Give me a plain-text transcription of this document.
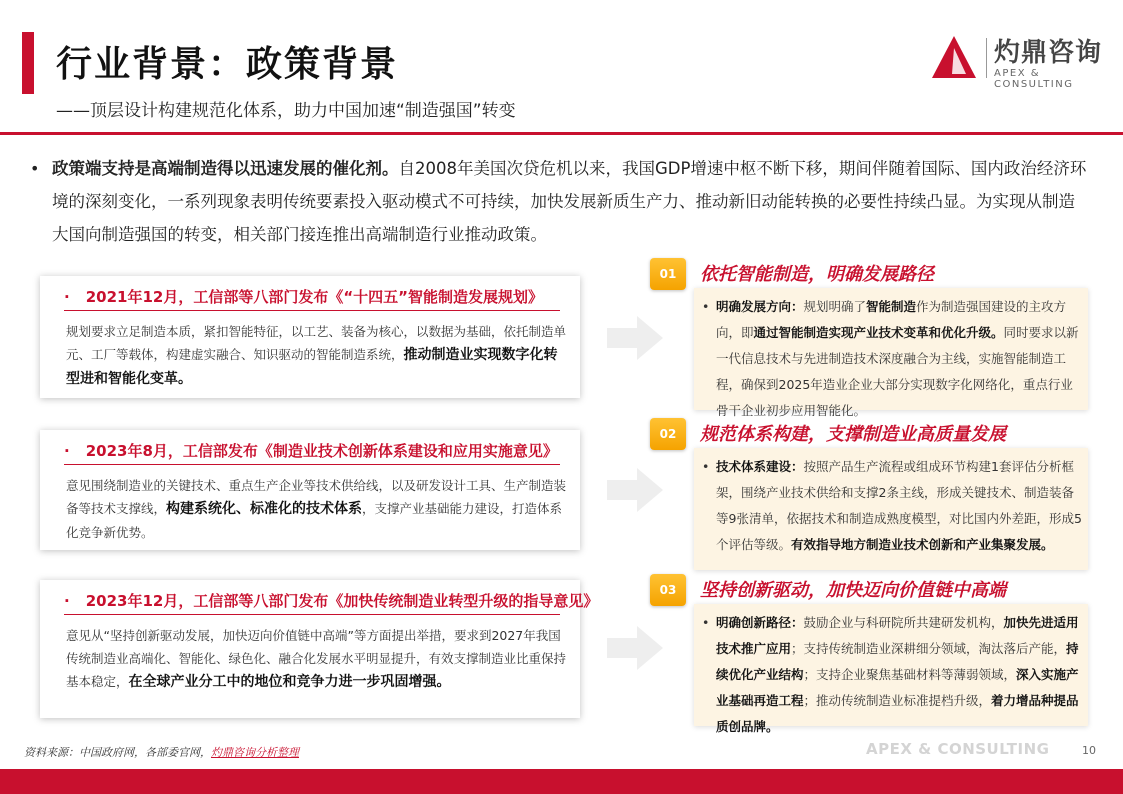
行业背景：政策背景
——顶层设计构建规范化体系，助力中国加速“制造强国”转变
灼鼎咨询
APEX & CONSULTING
• 政策端支持是高端制造得以迅速发展的催化剂。自2008年美国次贷危机以来，我国GDP增速中枢不断下移，期间伴随着国际、国内政治经济环境的深刻变化，一系列现象表明传统要素投入驱动模式不可持续，加快发展新质生产力、推动新旧动能转换的必要性持续凸显。为实现从制造大国向制造强国的转变，相关部门接连推出高端制造行业推动政策。
· 2021年12月，工信部等八部门发布《“十四五”智能制造发展规划》
规划要求立足制造本质，紧扣智能特征，以工艺、装备为核心，以数据为基础，依托制造单元、工厂等载体，构建虚实融合、知识驱动的智能制造系统，推动制造业实现数字化转型进和智能化变革。
· 2023年8月，工信部发布《制造业技术创新体系建设和应用实施意见》
意见围绕制造业的关键技术、重点生产企业等技术供给线，以及研发设计工具、生产制造装备等技术支撑线，构建系统化、标准化的技术体系，支撑产业基础能力建设，打造体系化竞争新优势。
· 2023年12月，工信部等八部门发布《加快传统制造业转型升级的指导意见》
意见从“坚持创新驱动发展，加快迈向价值链中高端”等方面提出举措，要求到2027年我国传统制造业高端化、智能化、绿色化、融合化发展水平明显提升，有效支撑制造业比重保持基本稳定，在全球产业分工中的地位和竞争力进一步巩固增强。
01	依托智能制造，明确发展路径
• 明确发展方向：规划明确了智能制造作为制造强国建设的主攻方向，即通过智能制造实现产业技术变革和优化升级。同时要求以新一代信息技术与先进制造技术深度融合为主线，实施智能制造工程，确保到2025年造业企业大部分实现数字化网络化，重点行业骨干企业初步应用智能化。
02	规范体系构建，支撑制造业高质量发展
• 技术体系建设：按照产品生产流程或组成环节构建1套评估分析框架，围绕产业技术供给和支撑2条主线，形成关键技术、制造装备等9张清单，依据技术和制造成熟度模型，对比国内外差距，形成5个评估等级。有效指导地方制造业技术创新和产业集聚发展。
03	坚持创新驱动，加快迈向价值链中高端
• 明确创新路径：鼓励企业与科研院所共建研发机构，加快先进适用技术推广应用；支持传统制造业深耕细分领域，淘汰落后产能，持续优化产业结构；支持企业聚焦基础材料等薄弱领域，深入实施产业基础再造工程；推动传统制造业标准提档升级，着力增品种提品质创品牌。
资料来源：中国政府网，各部委官网，灼鼎咨询分析整理	APEX & CONSULTING	10
